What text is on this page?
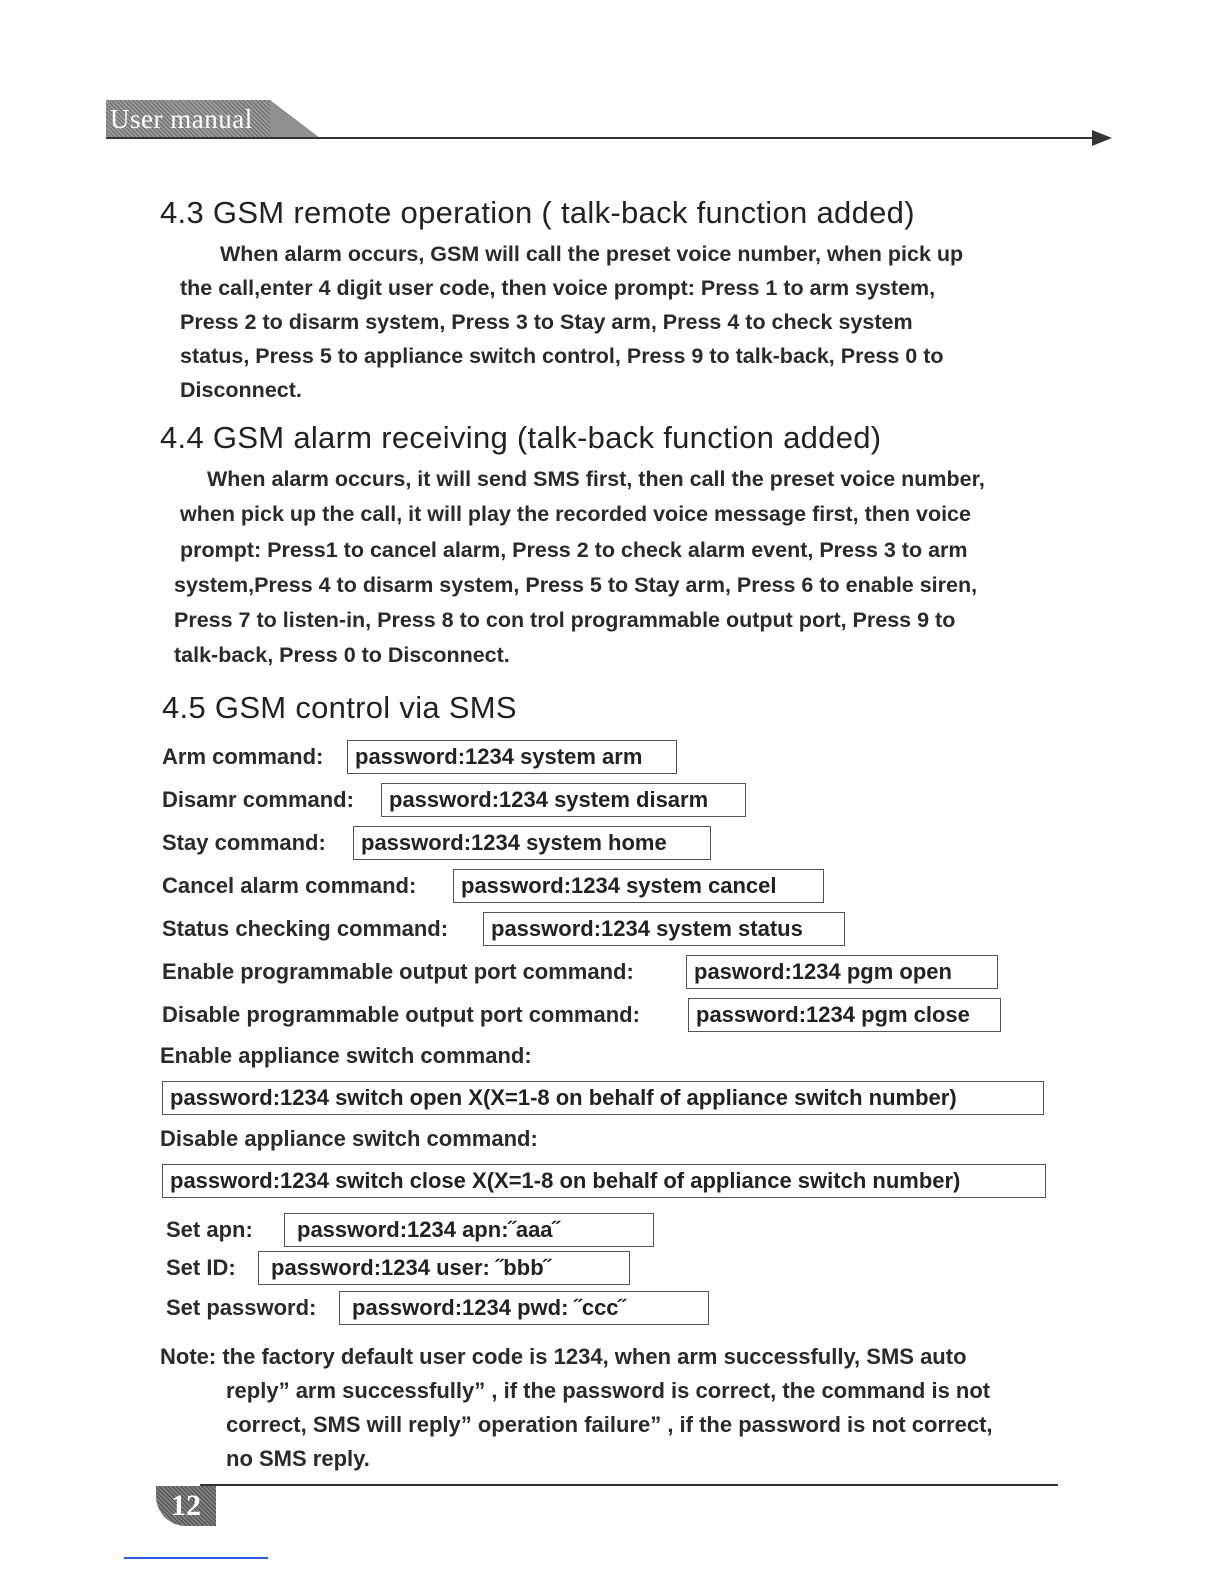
User manual
4.3 GSM remote operation ( talk-back function added)
When alarm occurs, GSM will call the preset voice number, when pick up
the call,enter 4 digit user code, then voice prompt: Press 1 to arm system,
Press 2 to disarm system, Press 3 to Stay arm, Press 4 to check system
status, Press 5 to appliance switch control, Press 9 to talk-back, Press 0 to
Disconnect.
4.4 GSM alarm receiving (talk-back function added)
When alarm occurs, it will send SMS first, then call the preset voice number,
when pick up the call, it will play the recorded voice message first, then voice
prompt: Press1 to cancel alarm, Press 2 to check alarm event, Press 3 to arm
system,Press 4 to disarm system, Press 5 to Stay arm, Press 6 to enable siren,
Press 7 to listen-in, Press 8 to con trol programmable output port, Press 9 to
talk-back, Press 0 to Disconnect.
4.5 GSM control via SMS
Arm command:	password:1234 system arm
Disamr command:	password:1234 system disarm
Stay command:	password:1234 system home
Cancel alarm command:	password:1234 system cancel
Status checking command:	password:1234 system status
Enable programmable output port command:	pasword:1234 pgm open
Disable programmable output port command:	password:1234 pgm close
Enable appliance switch command:
password:1234 switch open X(X=1-8 on behalf of appliance switch number)
Disable appliance switch command:
password:1234 switch close X(X=1-8 on behalf of appliance switch number)
Set apn:	password:1234 apn:˝aaa˝
Set ID:	password:1234 user: ˝bbb˝
Set password:	password:1234 pwd: ˝ccc˝
Note: the factory default user code is 1234, when arm successfully, SMS auto
reply” arm successfully” , if the password is correct, the command is not
correct, SMS will reply” operation failure” , if the password is not correct,
no SMS reply.
12
